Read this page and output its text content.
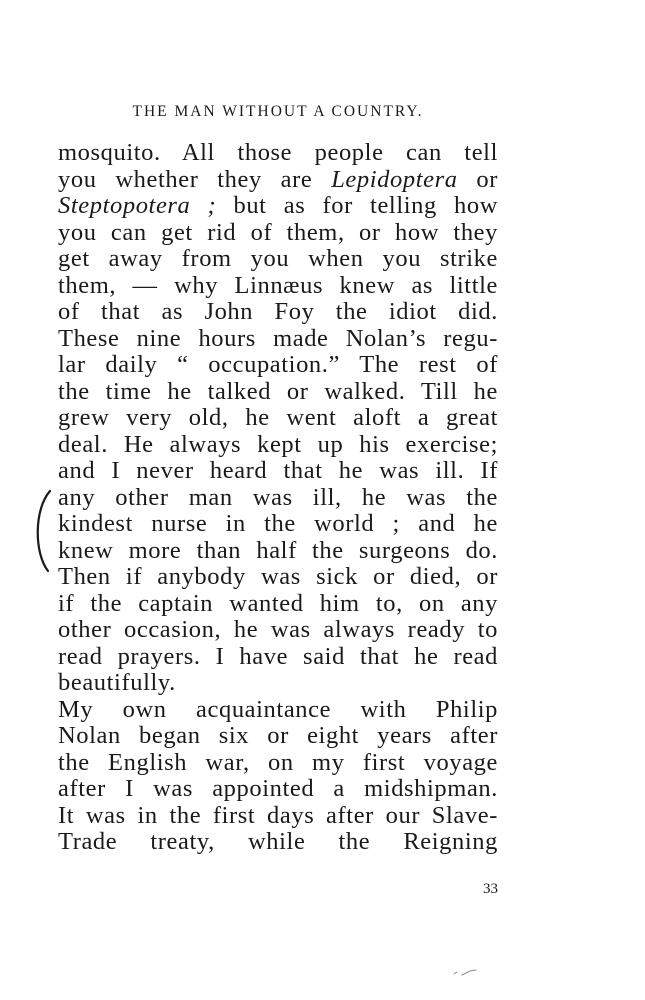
THE MAN WITHOUT A COUNTRY.
mosquito. All those people can tell
you whether they are Lepidoptera or
Steptopotera ; but as for telling how
you can get rid of them, or how they
get away from you when you strike
them, — why Linnæus knew as little
of that as John Foy the idiot did.
These nine hours made Nolan’s regu-
lar daily “ occupation.” The rest of
the time he talked or walked. Till he
grew very old, he went aloft a great
deal. He always kept up his exercise;
and I never heard that he was ill. If
any other man was ill, he was the
kindest nurse in the world ; and he
knew more than half the surgeons do.
Then if anybody was sick or died, or
if the captain wanted him to, on any
other occasion, he was always ready to
read prayers. I have said that he read
beautifully.
My own acquaintance with Philip
Nolan began six or eight years after
the English war, on my first voyage
after I was appointed a midshipman.
It was in the first days after our Slave-
Trade treaty, while the Reigning
33
